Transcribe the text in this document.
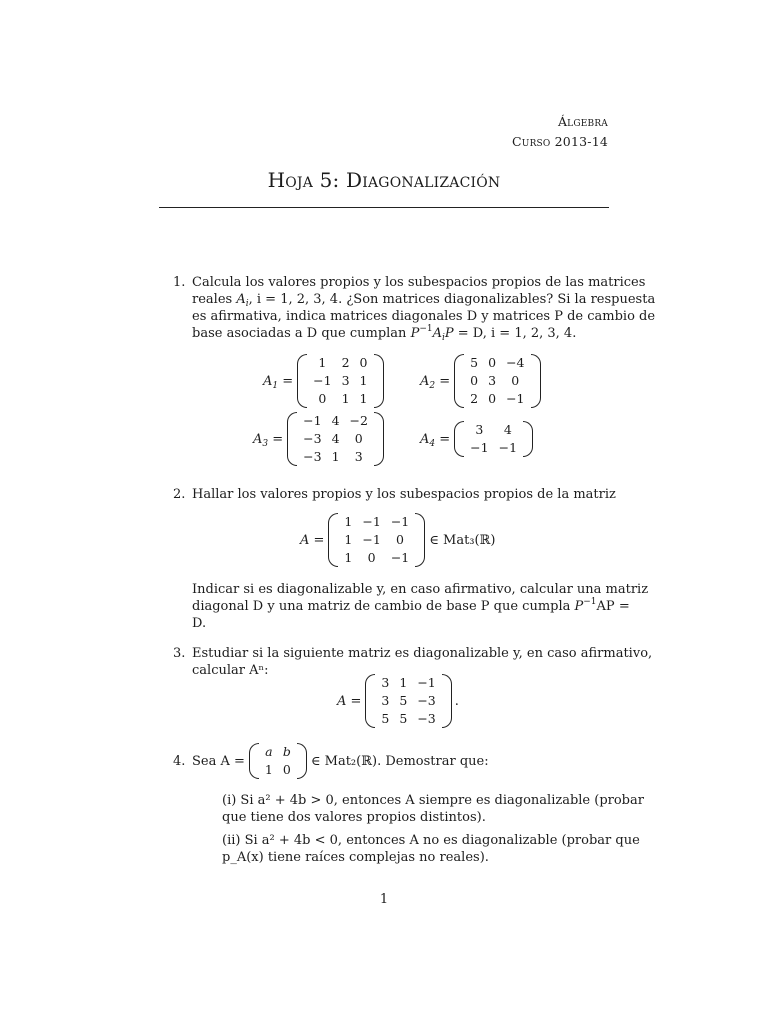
Álgebra
Curso 2013-14
Hoja 5: Diagonalización
1. Calcula los valores propios y los subespacios propios de las matrices
reales $A_i$, i = 1, 2, 3, 4. ¿Son matrices diagonalizables? Si la respuesta
es afirmativa, indica matrices diagonales D y matrices P de cambio de
base asociadas a D que cumplan $P^{-1}A_iP = D$, i = 1, 2, 3, 4.
$A_1$ =
1	2	0
−1	3	1
0	1	1
$A_2$ =
5	0	−4
0	3	0
2	0	−1
$A_3$ =
−1	4	−2
−3	4	0
−3	1	3
$A_4$ =
3	4
−1	−1
2. Hallar los valores propios y los subespacios propios de la matriz
A =
1	−1	−1
1	−1	0
1	0	−1
∈ Mat₃(ℝ)
Indicar si es diagonalizable y, en caso afirmativo, calcular una matriz
diagonal D y una matriz de cambio de base P que cumpla $P^{-1}AP$ =
D.
3. Estudiar si la siguiente matriz es diagonalizable y, en caso afirmativo,
calcular Aⁿ:
A =
3	1	−1
3	5	−3
5	5	−3
.
4. Sea A =
a	b
1	0
∈ Mat₂(ℝ). Demostrar que:
(i) Si a² + 4b > 0, entonces A siempre es diagonalizable (probar
que tiene dos valores propios distintos).
(ii) Si a² + 4b < 0, entonces A no es diagonalizable (probar que
p_A(x) tiene raíces complejas no reales).
1
